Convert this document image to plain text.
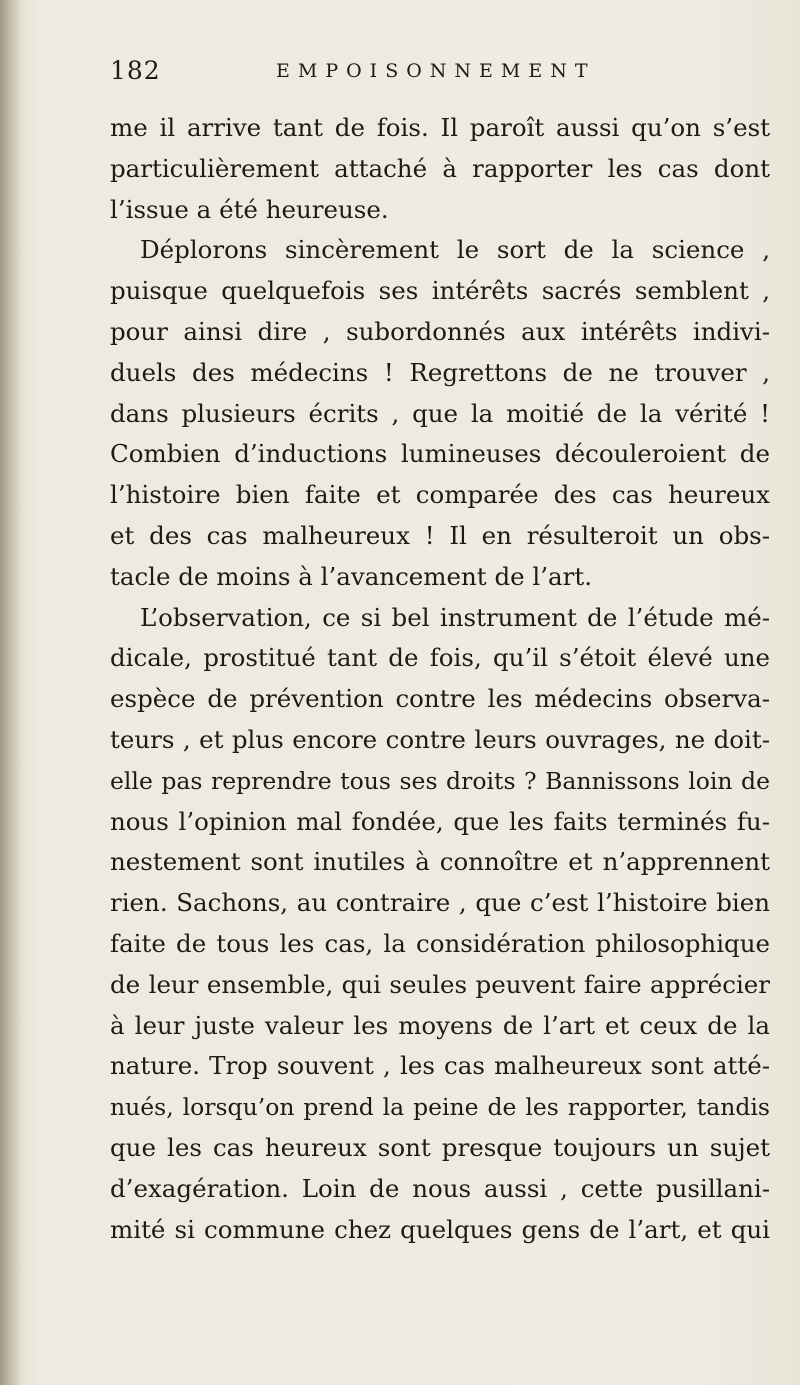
182	EMPOISONNEMENT
me il arrive tant de fois. Il paroît aussi qu’on s’est
particulièrement attaché à rapporter les cas dont
l’issue a été heureuse.
Déplorons sincèrement le sort de la science ,
puisque quelquefois ses intérêts sacrés semblent ,
pour ainsi dire , subordonnés aux intérêts indivi-
duels des médecins ! Regrettons de ne trouver ,
dans plusieurs écrits , que la moitié de la vérité !
Combien d’inductions lumineuses découleroient de
l’histoire bien faite et comparée des cas heureux
et des cas malheureux ! Il en résulteroit un obs-
tacle de moins à l’avancement de l’art.
L’observation, ce si bel instrument de l’étude mé-
dicale, prostitué tant de fois, qu’il s’étoit élevé une
espèce de prévention contre les médecins observa-
teurs , et plus encore contre leurs ouvrages, ne doit-
elle pas reprendre tous ses droits ? Bannissons loin de
nous l’opinion mal fondée, que les faits terminés fu-
nestement sont inutiles à connoître et n’apprennent
rien. Sachons, au contraire , que c’est l’histoire bien
faite de tous les cas, la considération philosophique
de leur ensemble, qui seules peuvent faire apprécier
à leur juste valeur les moyens de l’art et ceux de la
nature. Trop souvent , les cas malheureux sont atté-
nués, lorsqu’on prend la peine de les rapporter, tandis
que les cas heureux sont presque toujours un sujet
d’exagération. Loin de nous aussi , cette pusillani-
mité si commune chez quelques gens de l’art, et qui
